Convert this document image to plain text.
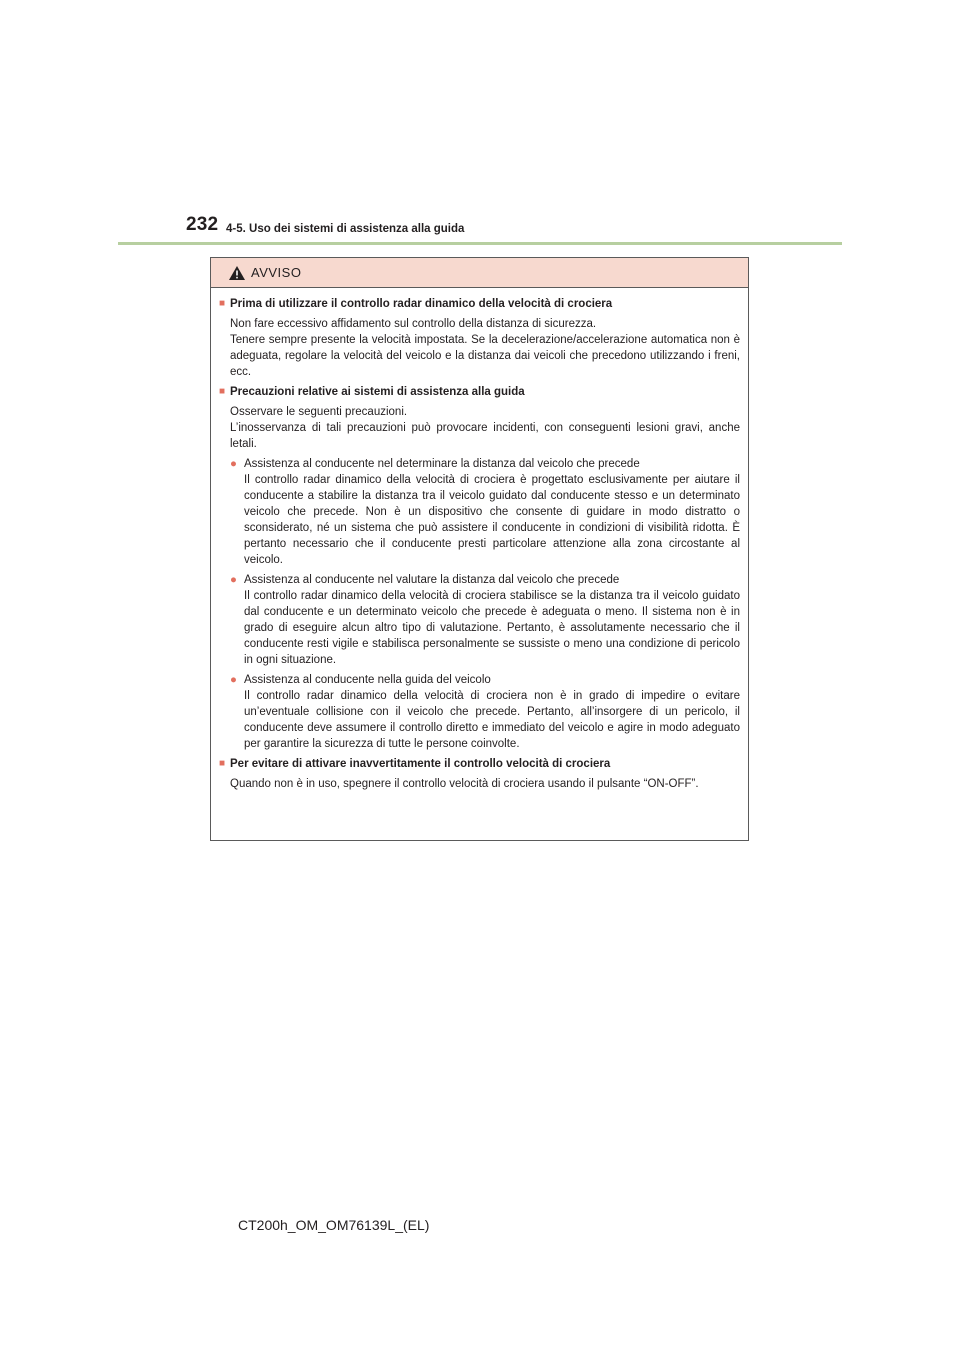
232 4-5. Uso dei sistemi di assistenza alla guida
AVVISO
■ Prima di utilizzare il controllo radar dinamico della velocità di crociera
Non fare eccessivo affidamento sul controllo della distanza di sicurezza.
Tenere sempre presente la velocità impostata. Se la decelerazione/accelerazione automatica non è adeguata, regolare la velocità del veicolo e la distanza dai veicoli che precedono utilizzando i freni, ecc.
■ Precauzioni relative ai sistemi di assistenza alla guida
Osservare le seguenti precauzioni.
L’inosservanza di tali precauzioni può provocare incidenti, con conseguenti lesioni gravi, anche letali.
● Assistenza al conducente nel determinare la distanza dal veicolo che precede
Il controllo radar dinamico della velocità di crociera è progettato esclusivamente per aiutare il conducente a stabilire la distanza tra il veicolo guidato dal conducente stesso e un determinato veicolo che precede. Non è un dispositivo che consente di guidare in modo distratto o sconsiderato, né un sistema che può assistere il conducente in condizioni di visibilità ridotta. È pertanto necessario che il conducente presti particolare attenzione alla zona circostante al veicolo.
● Assistenza al conducente nel valutare la distanza dal veicolo che precede
Il controllo radar dinamico della velocità di crociera stabilisce se la distanza tra il veicolo guidato dal conducente e un determinato veicolo che precede è adeguata o meno. Il sistema non è in grado di eseguire alcun altro tipo di valutazione. Pertanto, è assolutamente necessario che il conducente resti vigile e stabilisca personalmente se sussiste o meno una condizione di pericolo in ogni situazione.
● Assistenza al conducente nella guida del veicolo
Il controllo radar dinamico della velocità di crociera non è in grado di impedire o evitare un’eventuale collisione con il veicolo che precede. Pertanto, all’insorgere di un pericolo, il conducente deve assumere il controllo diretto e immediato del veicolo e agire in modo adeguato per garantire la sicurezza di tutte le persone coinvolte.
■ Per evitare di attivare inavvertitamente il controllo velocità di crociera
Quando non è in uso, spegnere il controllo velocità di crociera usando il pulsante “ON-OFF”.
CT200h_OM_OM76139L_(EL)
